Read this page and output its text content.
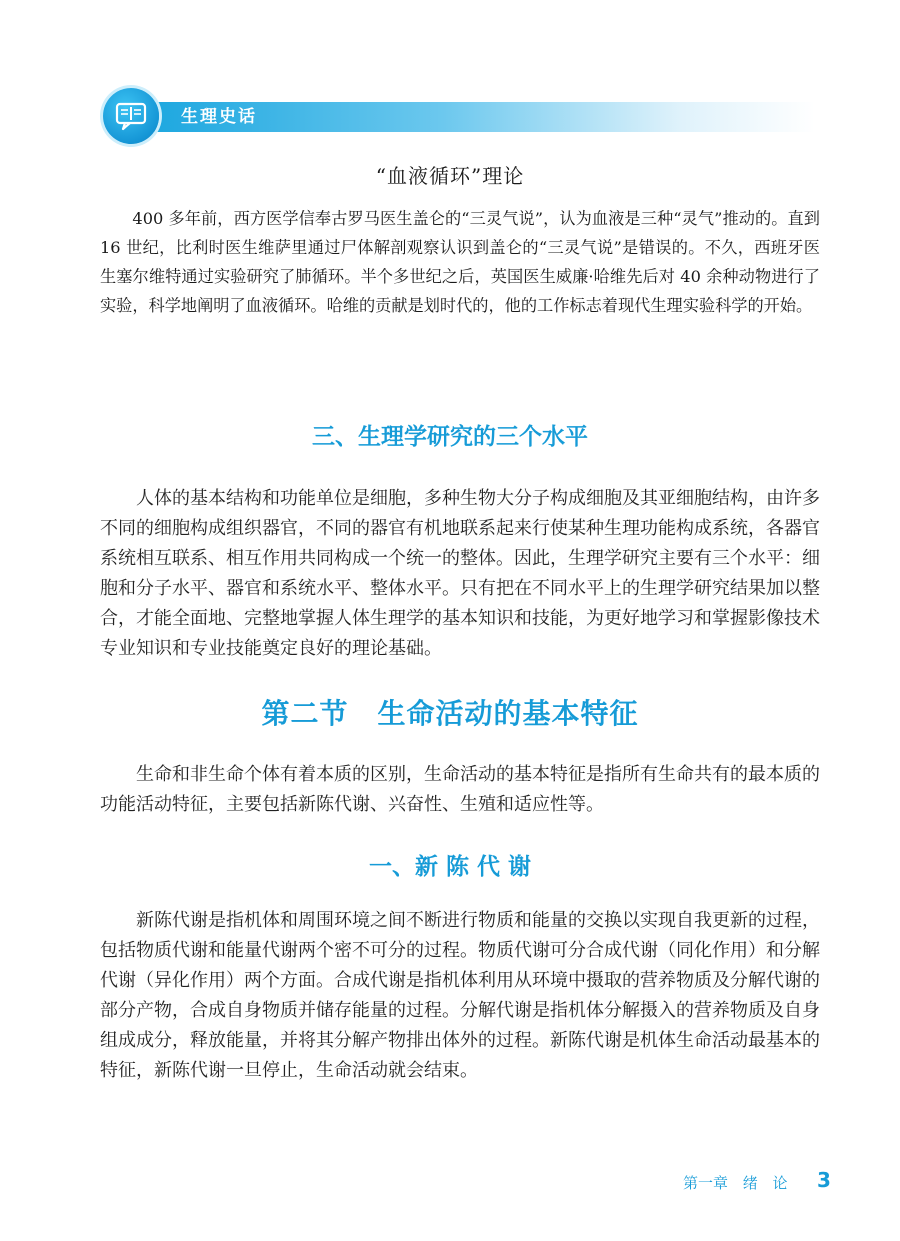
生理史话
“血液循环”理论

400 多年前，西方医学信奉古罗马医生盖仑的“三灵气说”，认为血液是三种“灵气”推动的。直到 16 世纪，比利时医生维萨里通过尸体解剖观察认识到盖仑的“三灵气说”是错误的。不久，西班牙医生塞尔维特通过实验研究了肺循环。半个多世纪之后，英国医生威廉·哈维先后对 40 余种动物进行了实验，科学地阐明了血液循环。哈维的贡献是划时代的，他的工作标志着现代生理实验科学的开始。

三、生理学研究的三个水平

人体的基本结构和功能单位是细胞，多种生物大分子构成细胞及其亚细胞结构，由许多不同的细胞构成组织器官，不同的器官有机地联系起来行使某种生理功能构成系统，各器官系统相互联系、相互作用共同构成一个统一的整体。因此，生理学研究主要有三个水平：细胞和分子水平、器官和系统水平、整体水平。只有把在不同水平上的生理学研究结果加以整合，才能全面地、完整地掌握人体生理学的基本知识和技能，为更好地学习和掌握影像技术专业知识和专业技能奠定良好的理论基础。

第二节　生命活动的基本特征

生命和非生命个体有着本质的区别，生命活动的基本特征是指所有生命共有的最本质的功能活动特征，主要包括新陈代谢、兴奋性、生殖和适应性等。

一、新 陈 代 谢

新陈代谢是指机体和周围环境之间不断进行物质和能量的交换以实现自我更新的过程，包括物质代谢和能量代谢两个密不可分的过程。物质代谢可分合成代谢（同化作用）和分解代谢（异化作用）两个方面。合成代谢是指机体利用从环境中摄取的营养物质及分解代谢的部分产物，合成自身物质并储存能量的过程。分解代谢是指机体分解摄入的营养物质及自身组成成分，释放能量，并将其分解产物排出体外的过程。新陈代谢是机体生命活动最基本的特征，新陈代谢一旦停止，生命活动就会结束。

第一章 绪 论 3
